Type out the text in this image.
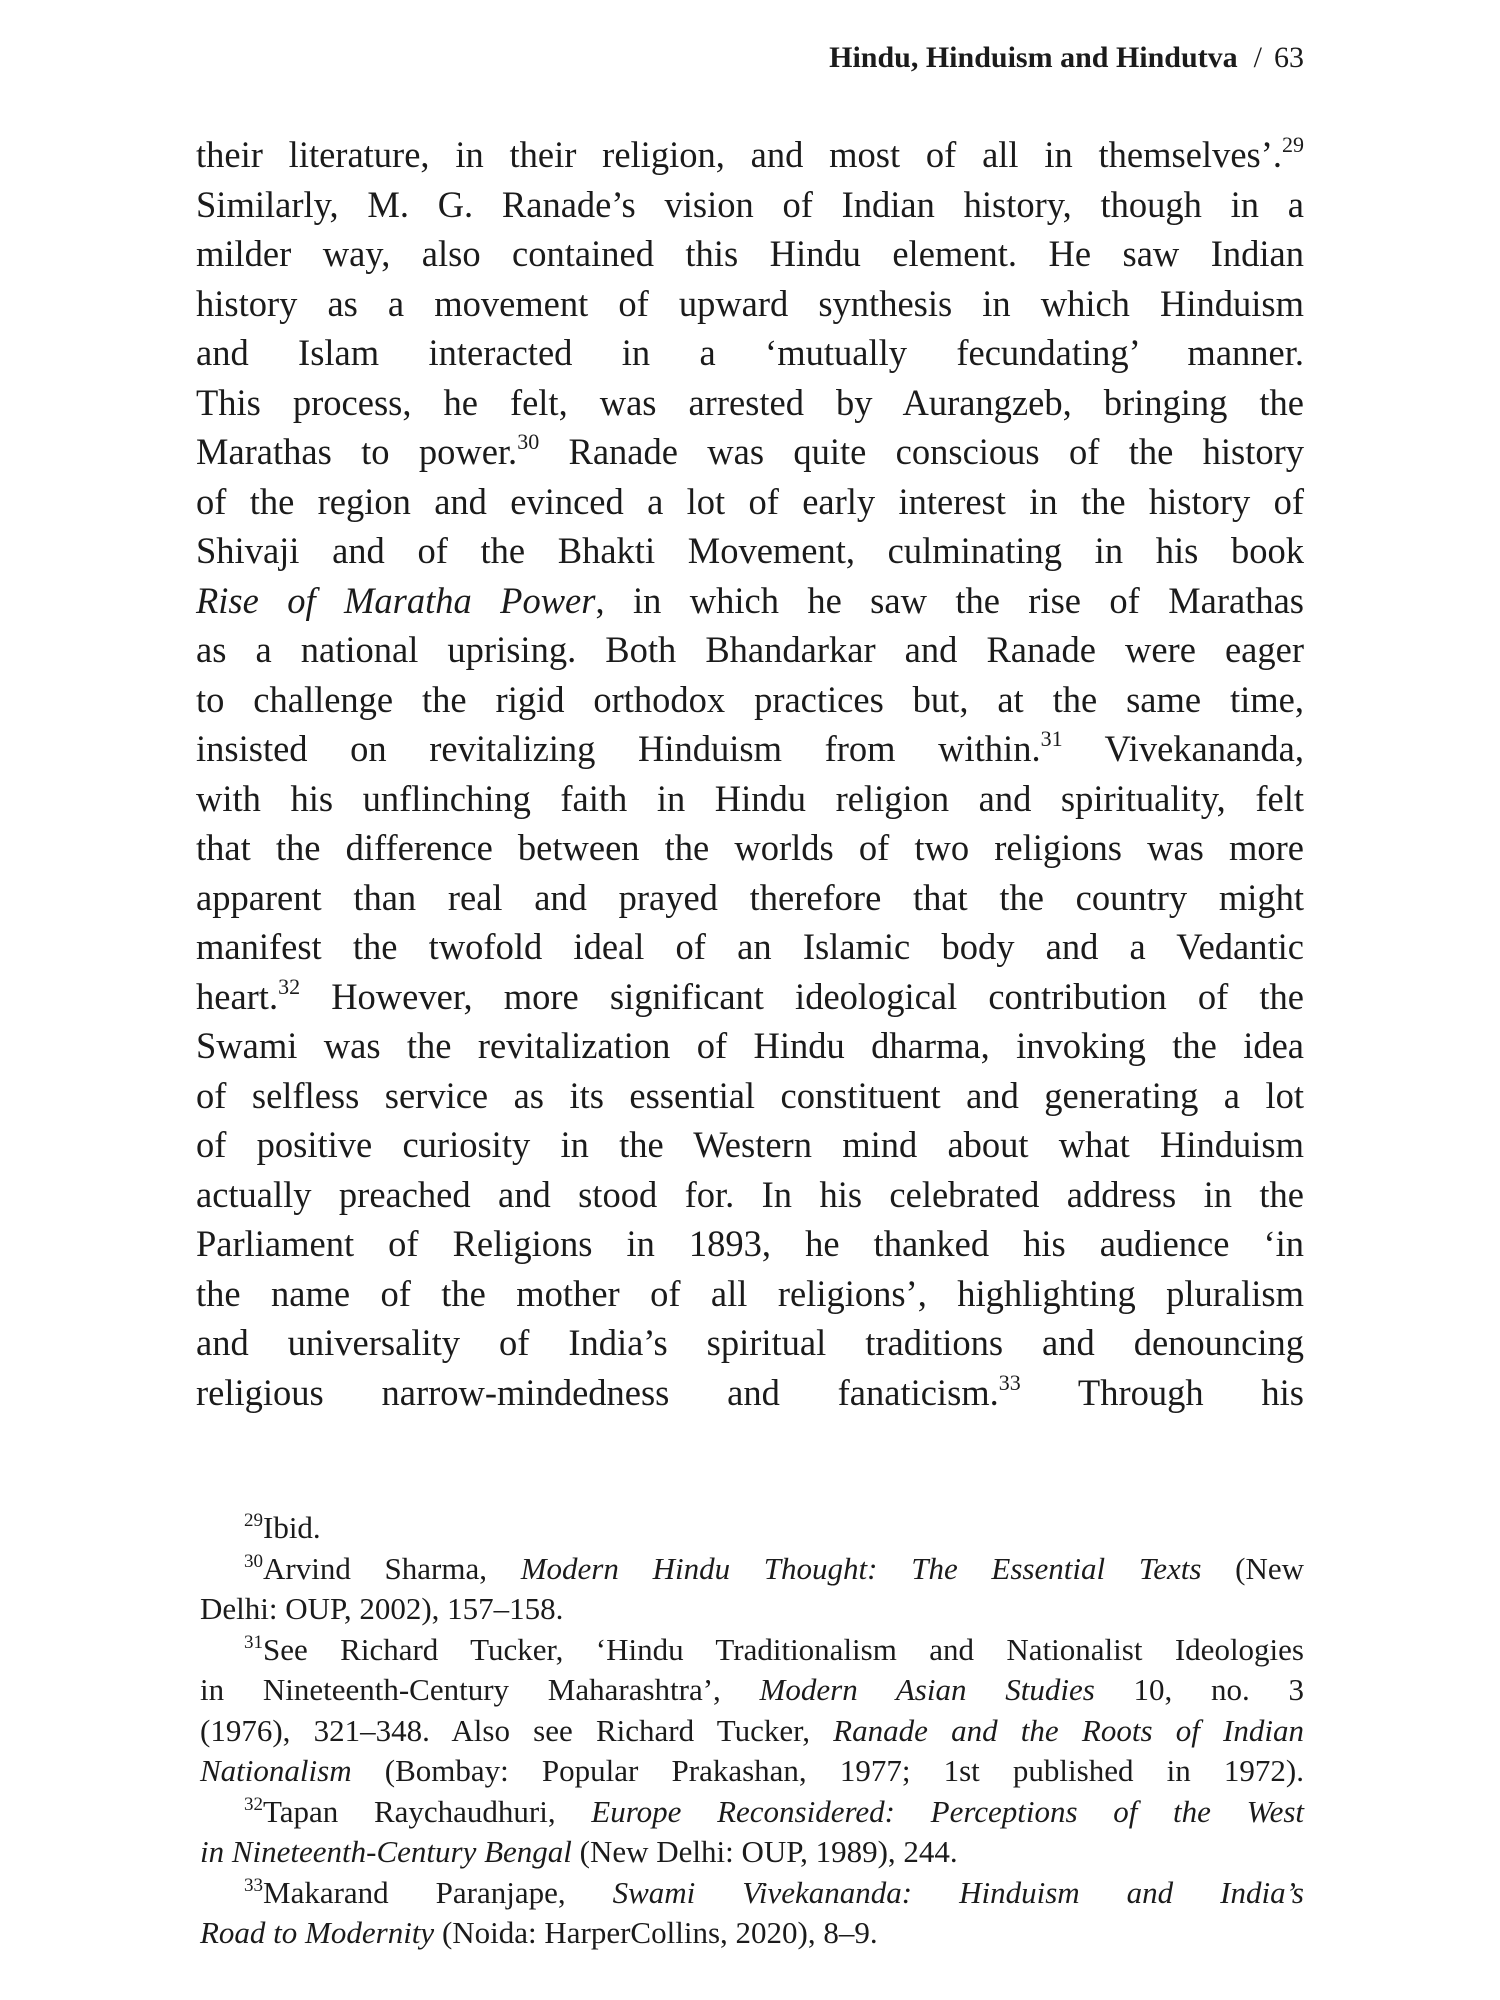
Hindu, Hinduism and Hindutva / 63
their literature, in their religion, and most of all in themselves’.$^{29}$
Similarly, M. G. Ranade’s vision of Indian history, though in a
milder way, also contained this Hindu element. He saw Indian
history as a movement of upward synthesis in which Hinduism
and Islam interacted in a ‘mutually fecundating’ manner.
This process, he felt, was arrested by Aurangzeb, bringing the
Marathas to power.$^{30}$ Ranade was quite conscious of the history
of the region and evinced a lot of early interest in the history of
Shivaji and of the Bhakti Movement, culminating in his book
Rise of Maratha Power, in which he saw the rise of Marathas
as a national uprising. Both Bhandarkar and Ranade were eager
to challenge the rigid orthodox practices but, at the same time,
insisted on revitalizing Hinduism from within.$^{31}$ Vivekananda,
with his unflinching faith in Hindu religion and spirituality, felt
that the difference between the worlds of two religions was more
apparent than real and prayed therefore that the country might
manifest the twofold ideal of an Islamic body and a Vedantic
heart.$^{32}$ However, more significant ideological contribution of the
Swami was the revitalization of Hindu dharma, invoking the idea
of selfless service as its essential constituent and generating a lot
of positive curiosity in the Western mind about what Hinduism
actually preached and stood for. In his celebrated address in the
Parliament of Religions in 1893, he thanked his audience ‘in
the name of the mother of all religions’, highlighting pluralism
and universality of India’s spiritual traditions and denouncing
religious narrow-mindedness and fanaticism.$^{33}$ Through his
$^{29}$Ibid.
$^{30}$Arvind Sharma, Modern Hindu Thought: The Essential Texts (New
Delhi: OUP, 2002), 157–158.
$^{31}$See Richard Tucker, ‘Hindu Traditionalism and Nationalist Ideologies
in Nineteenth-Century Maharashtra’, Modern Asian Studies 10, no. 3
(1976), 321–348. Also see Richard Tucker, Ranade and the Roots of Indian
Nationalism (Bombay: Popular Prakashan, 1977; 1st published in 1972).
$^{32}$Tapan Raychaudhuri, Europe Reconsidered: Perceptions of the West
in Nineteenth-Century Bengal (New Delhi: OUP, 1989), 244.
$^{33}$Makarand Paranjape, Swami Vivekananda: Hinduism and India’s
Road to Modernity (Noida: HarperCollins, 2020), 8–9.
